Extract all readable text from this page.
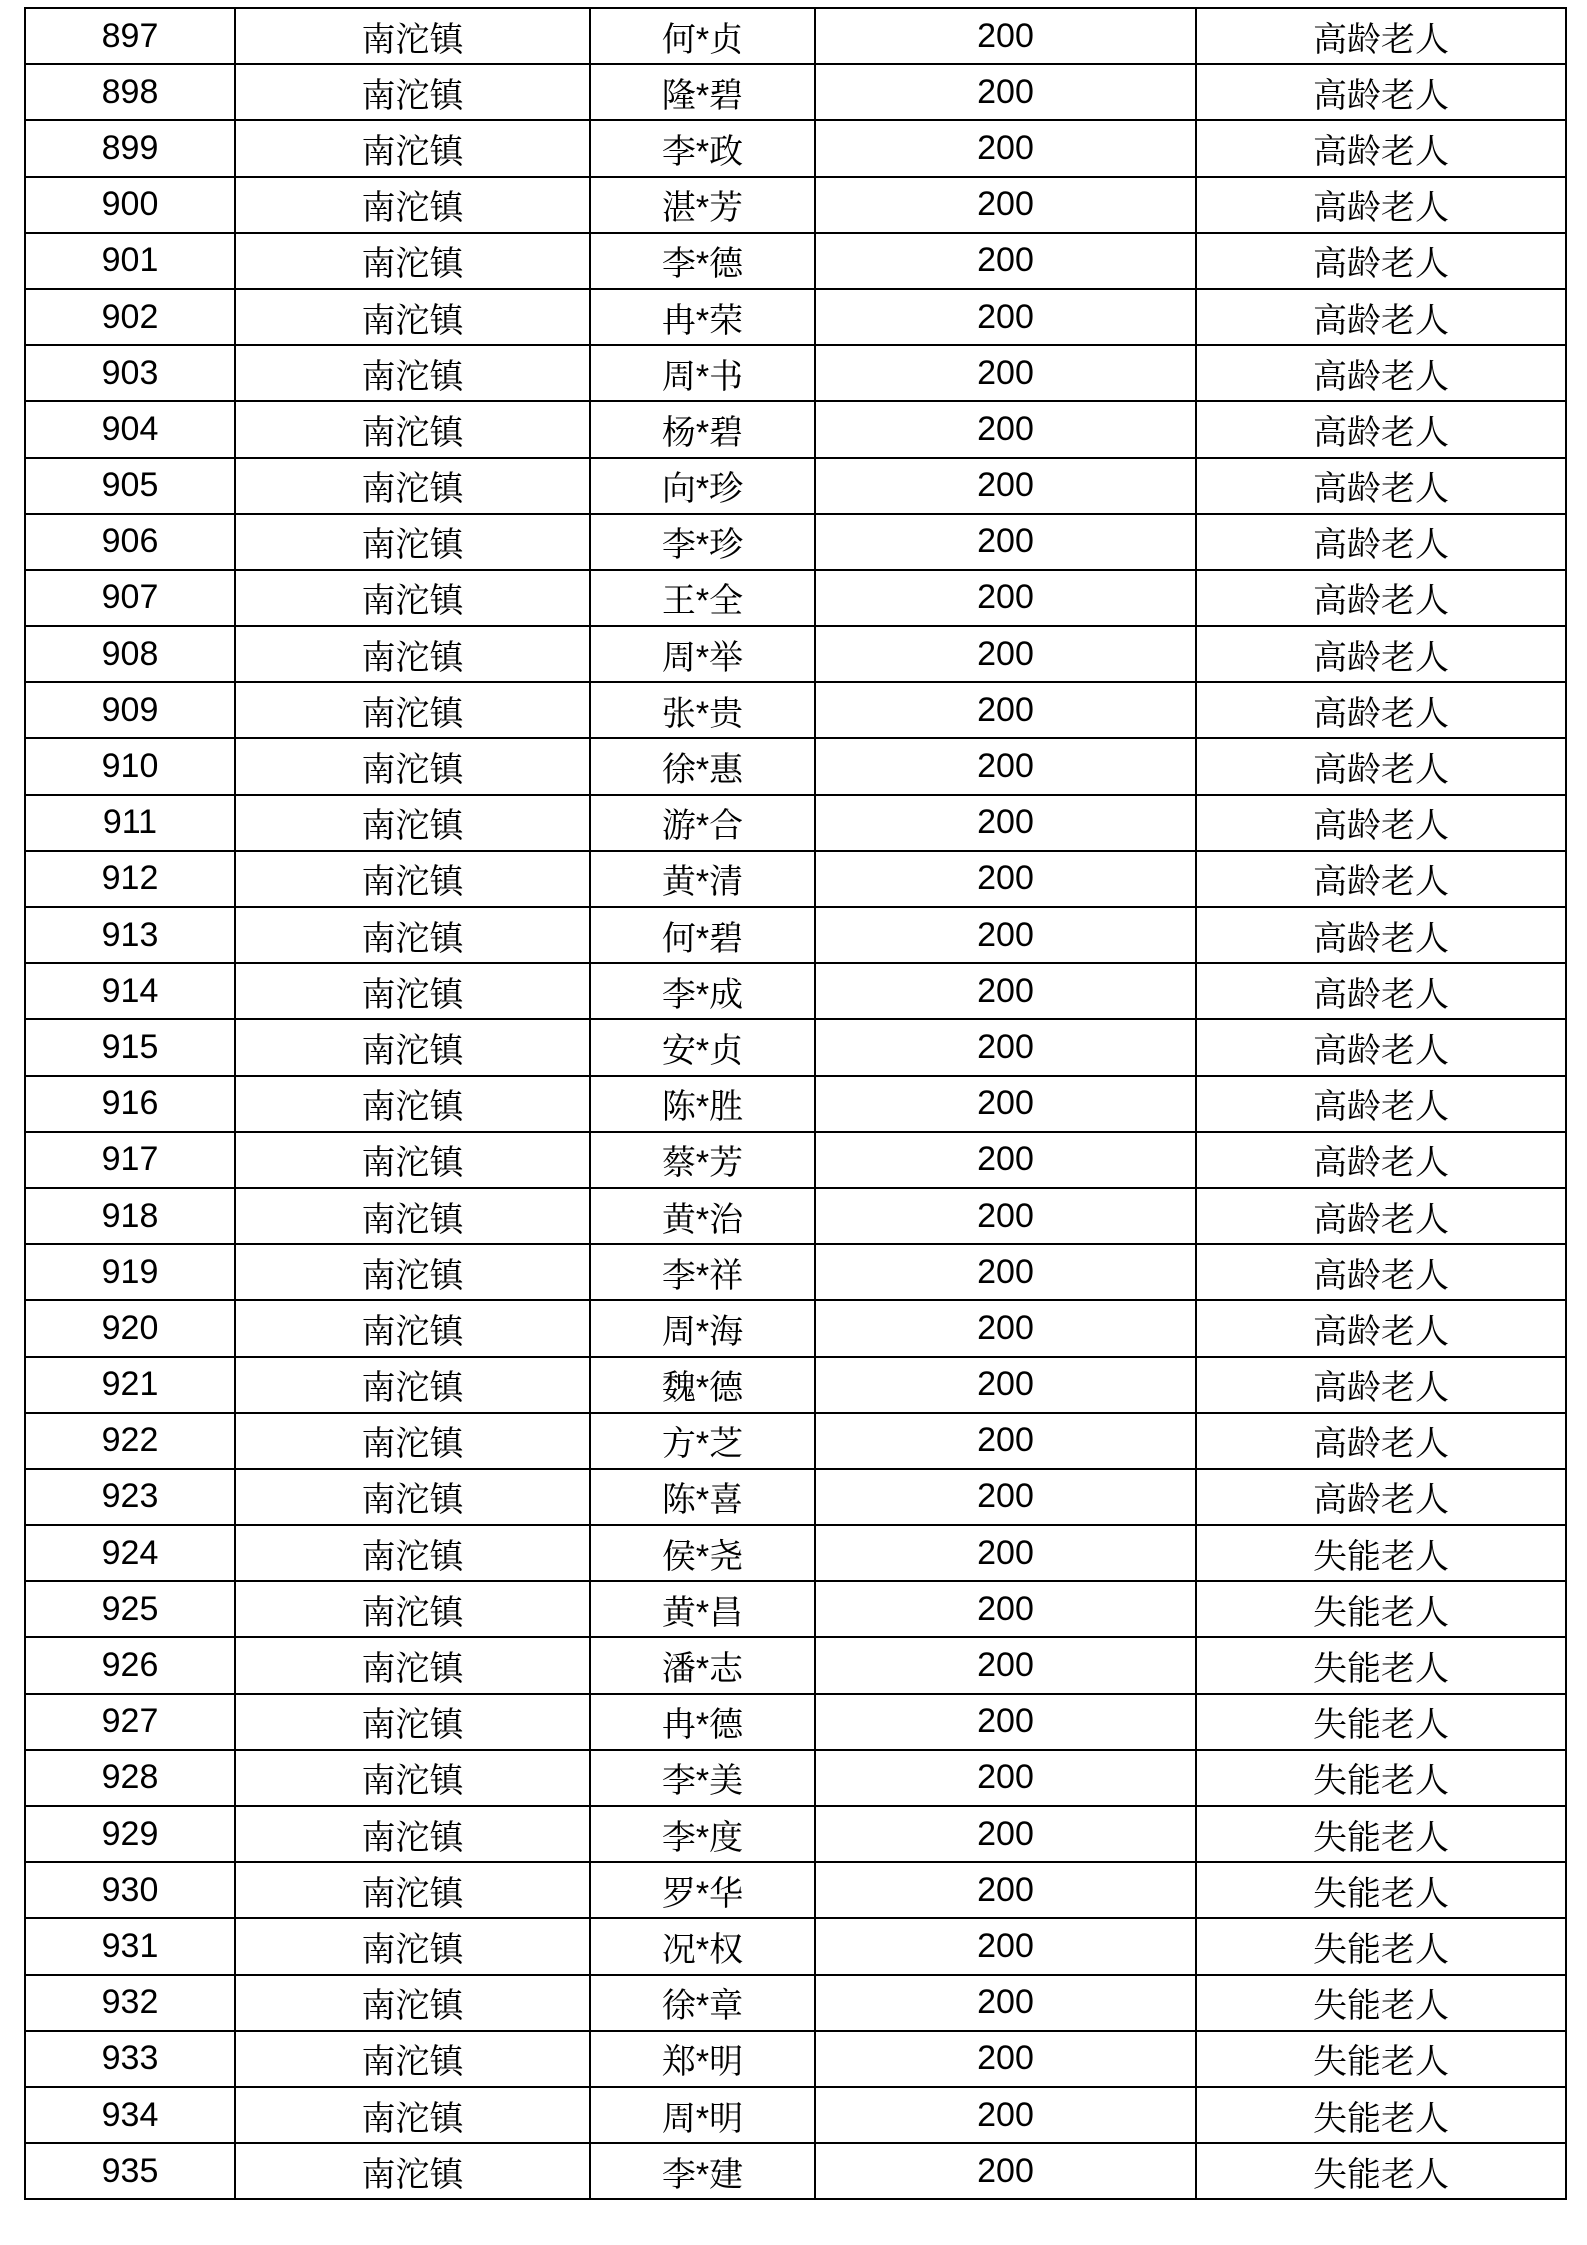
897	南沱镇	何*贞	200	高龄老人
898	南沱镇	隆*碧	200	高龄老人
899	南沱镇	李*政	200	高龄老人
900	南沱镇	湛*芳	200	高龄老人
901	南沱镇	李*德	200	高龄老人
902	南沱镇	冉*荣	200	高龄老人
903	南沱镇	周*书	200	高龄老人
904	南沱镇	杨*碧	200	高龄老人
905	南沱镇	向*珍	200	高龄老人
906	南沱镇	李*珍	200	高龄老人
907	南沱镇	王*全	200	高龄老人
908	南沱镇	周*举	200	高龄老人
909	南沱镇	张*贵	200	高龄老人
910	南沱镇	徐*惠	200	高龄老人
911	南沱镇	游*合	200	高龄老人
912	南沱镇	黄*清	200	高龄老人
913	南沱镇	何*碧	200	高龄老人
914	南沱镇	李*成	200	高龄老人
915	南沱镇	安*贞	200	高龄老人
916	南沱镇	陈*胜	200	高龄老人
917	南沱镇	蔡*芳	200	高龄老人
918	南沱镇	黄*治	200	高龄老人
919	南沱镇	李*祥	200	高龄老人
920	南沱镇	周*海	200	高龄老人
921	南沱镇	魏*德	200	高龄老人
922	南沱镇	方*芝	200	高龄老人
923	南沱镇	陈*喜	200	高龄老人
924	南沱镇	侯*尧	200	失能老人
925	南沱镇	黄*昌	200	失能老人
926	南沱镇	潘*志	200	失能老人
927	南沱镇	冉*德	200	失能老人
928	南沱镇	李*美	200	失能老人
929	南沱镇	李*度	200	失能老人
930	南沱镇	罗*华	200	失能老人
931	南沱镇	况*权	200	失能老人
932	南沱镇	徐*章	200	失能老人
933	南沱镇	郑*明	200	失能老人
934	南沱镇	周*明	200	失能老人
935	南沱镇	李*建	200	失能老人
